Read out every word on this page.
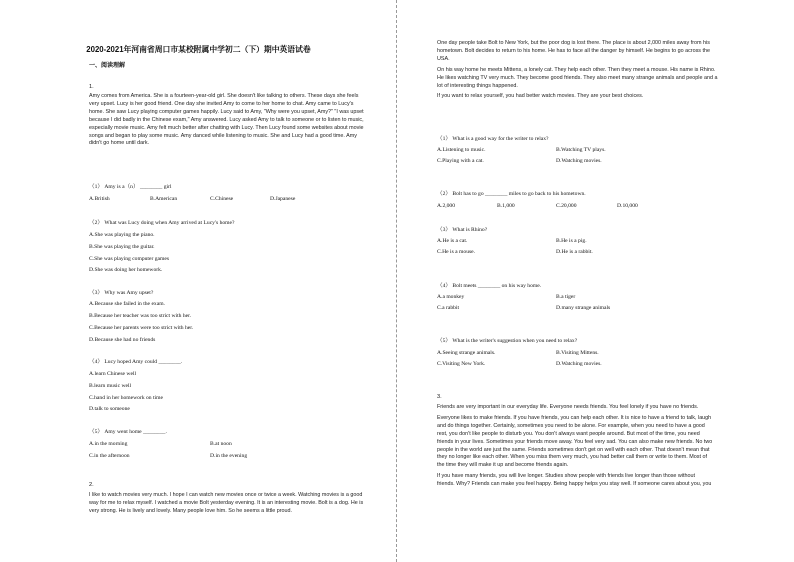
2020-2021年河南省周口市某校附属中学初二（下）期中英语试卷
一、阅读理解
1.
Amy comes from America. She is a fourteen-year-old girl. She doesn't like talking to others. These days she feels
very upset. Lucy is her good friend. One day she invited Amy to come to her home to chat. Amy came to Lucy's
home. She saw Lucy playing computer games happily. Lucy said to Amy, "Why were you upset, Amy?" "I was upset
because I did badly in the Chinese exam," Amy answered. Lucy asked Amy to talk to someone or to listen to music,
especially movie music. Amy felt much better after chatting with Lucy. Then Lucy found some websites about movie
songs and began to play some music. Amy danced while listening to music. She and Lucy had a good time. Amy
didn't go home until dark.
（1） Amy is a（n） ________ girl
A.British	B.American	C.Chinese	D.Japanese
（2） What was Lucy doing when Amy arrived at Lucy's home?
A.She was playing the piano.
B.She was playing the guitar.
C.She was playing computer games
D.She was doing her homework.
（3） Why was Amy upset?
A.Because she failed in the exam.
B.Because her teacher was too strict with her.
C.Because her parents were too strict with her.
D.Because she had no friends
（4） Lucy hoped Amy could ________.
A.learn Chinese well
B.learn music well
C.hand in her homework on time
D.talk to someone
（5） Amy went home ________.
A.in the morning	B.at noon
C.in the afternoon	D.in the evening
2.
I like to watch movies very much. I hope I can watch new movies once or twice a week. Watching movies is a good
way for me to relax myself. I watched a movie Bolt yesterday evening. It is an interesting movie. Bolt is a dog. He is
very strong. He is lively and lovely. Many people love him. So he seems a little proud.
One day people take Bolt to New York, but the poor dog is lost there. The place is about 2,000 miles away from his
hometown. Bolt decides to return to his home. He has to face all the danger by himself. He begins to go across the
USA.
On his way home he meets Mittens, a lonely cat. They help each other. Then they meet a mouse. His name is Rhino.
He likes watching TV very much. They become good friends. They also meet many strange animals and people and a
lot of interesting things happened.
If you want to relax yourself, you had better watch movies. They are your best choices.
（1） What is a good way for the writer to relax?
A.Listening to music.	B.Watching TV plays.
C.Playing with a cat.	D.Watching movies.
（2） Bolt has to go ________ miles to go back to his hometown.
A.2,000	B.1,000	C.20,000	D.10,000
（3） What is Rhino?
A.He is a cat.	B.He is a pig.
C.He is a mouse.	D.He is a rabbit.
（4） Bolt meets ________ on his way home.
A.a monkey	B.a tiger
C.a rabbit	D.many strange animals
（5） What is the writer's suggestion when you need to relax?
A.Seeing strange animals.	B.Visiting Mittens.
C.Visiting New York.	D.Watching movies.
3.
Friends are very important in our everyday life. Everyone needs friends. You feel lonely if you have no friends.
Everyone likes to make friends. If you have friends, you can help each other. It is nice to have a friend to talk, laugh
and do things together. Certainly, sometimes you need to be alone. For example, when you need to have a good
rest, you don't like people to disturb you. You don't always want people around. But most of the time, you need
friends in your lives. Sometimes your friends move away. You feel very sad. You can also make new friends. No two
people in the world are just the same. Friends sometimes don't get on well with each other. That doesn't mean that
they no longer like each other. When you miss them very much, you had better call them or write to them. Most of
the time they will make it up and become friends again.
If you have many friends, you will live longer. Studies show people with friends live longer than those without
friends. Why? Friends can make you feel happy. Being happy helps you stay well. If someone cares about you, you
